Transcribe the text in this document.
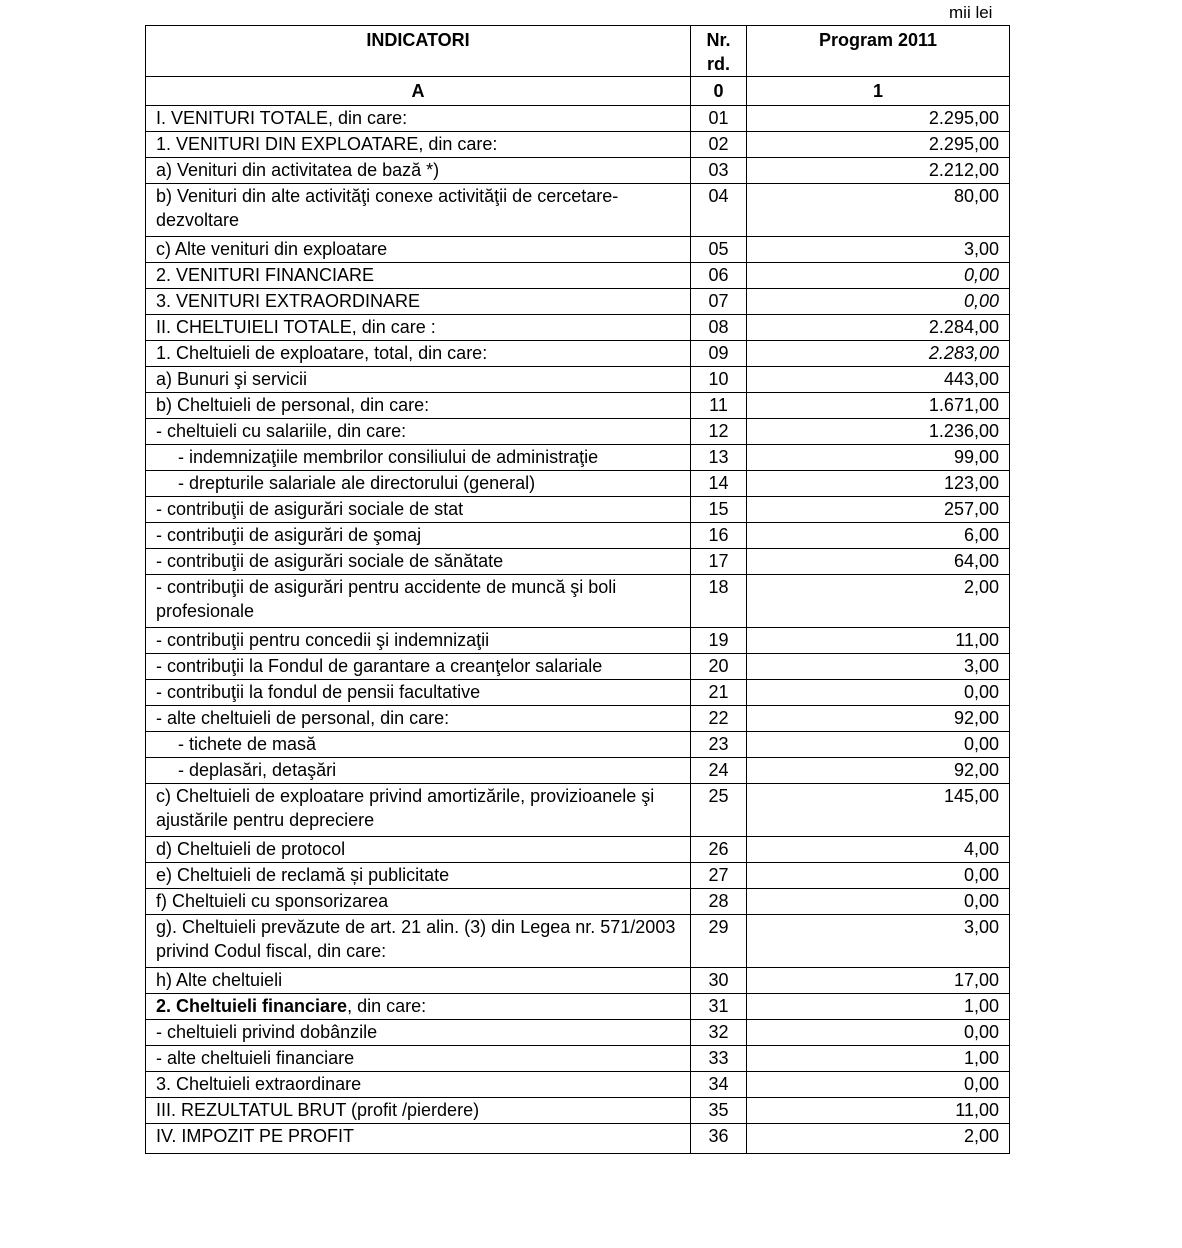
mii lei
INDICATORI	Nr. rd.	Program 2011
A	0	1
I. VENITURI TOTALE, din care:	01	2.295,00
1. VENITURI DIN EXPLOATARE, din care:	02	2.295,00
a) Venituri din activitatea de bază *)	03	2.212,00
b) Venituri din alte activităţi conexe activităţii de cercetare-dezvoltare	04	80,00
c) Alte venituri din exploatare	05	3,00
2. VENITURI FINANCIARE	06	0,00
3. VENITURI EXTRAORDINARE	07	0,00
II. CHELTUIELI TOTALE, din care :	08	2.284,00
1. Cheltuieli de exploatare, total, din care:	09	2.283,00
a) Bunuri şi servicii	10	443,00
b) Cheltuieli de personal, din care:	11	1.671,00
- cheltuieli cu salariile, din care:	12	1.236,00
- indemnizaţiile membrilor consiliului de administraţie	13	99,00
- drepturile salariale ale directorului (general)	14	123,00
- contribuţii de asigurări sociale de stat	15	257,00
- contribuţii de asigurări de şomaj	16	6,00
- contribuţii de asigurări sociale de sănătate	17	64,00
- contribuţii de asigurări pentru accidente de muncă şi boli profesionale	18	2,00
- contribuţii pentru concedii şi indemnizaţii	19	11,00
- contribuţii la Fondul de garantare a creanţelor salariale	20	3,00
- contribuţii la fondul de pensii facultative	21	0,00
- alte cheltuieli de personal, din care:	22	92,00
- tichete de masă	23	0,00
- deplasări, detaşări	24	92,00
c) Cheltuieli de exploatare privind amortizările, provizioanele şi ajustările pentru depreciere	25	145,00
d) Cheltuieli de protocol	26	4,00
e) Cheltuieli de reclamă și publicitate	27	0,00
f) Cheltuieli cu sponsorizarea	28	0,00
g). Cheltuieli prevăzute de art. 21 alin. (3) din Legea nr. 571/2003 privind Codul fiscal, din care:	29	3,00
h) Alte cheltuieli	30	17,00
2. Cheltuieli financiare, din care:	31	1,00
- cheltuieli privind dobânzile	32	0,00
- alte cheltuieli financiare	33	1,00
3. Cheltuieli extraordinare	34	0,00
III. REZULTATUL BRUT (profit /pierdere)	35	11,00
IV. IMPOZIT PE PROFIT	36	2,00
